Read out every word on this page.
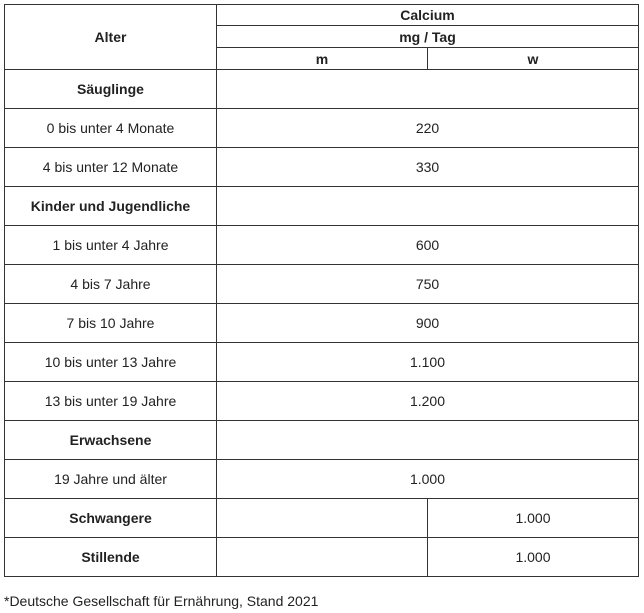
Alter	Calcium	
	mg / Tag	
	m	w
Säuglinge		
0 bis unter 4 Monate	220	
4 bis unter 12 Monate	330	
Kinder und Jugendliche		
1 bis unter 4 Jahre	600	
4 bis 7 Jahre	750	
7 bis 10 Jahre	900	
10 bis unter 13 Jahre	1.100	
13 bis unter 19 Jahre	1.200	
Erwachsene		
19 Jahre und älter	1.000	
Schwangere		1.000
Stillende		1.000
*Deutsche Gesellschaft für Ernährung, Stand 2021
